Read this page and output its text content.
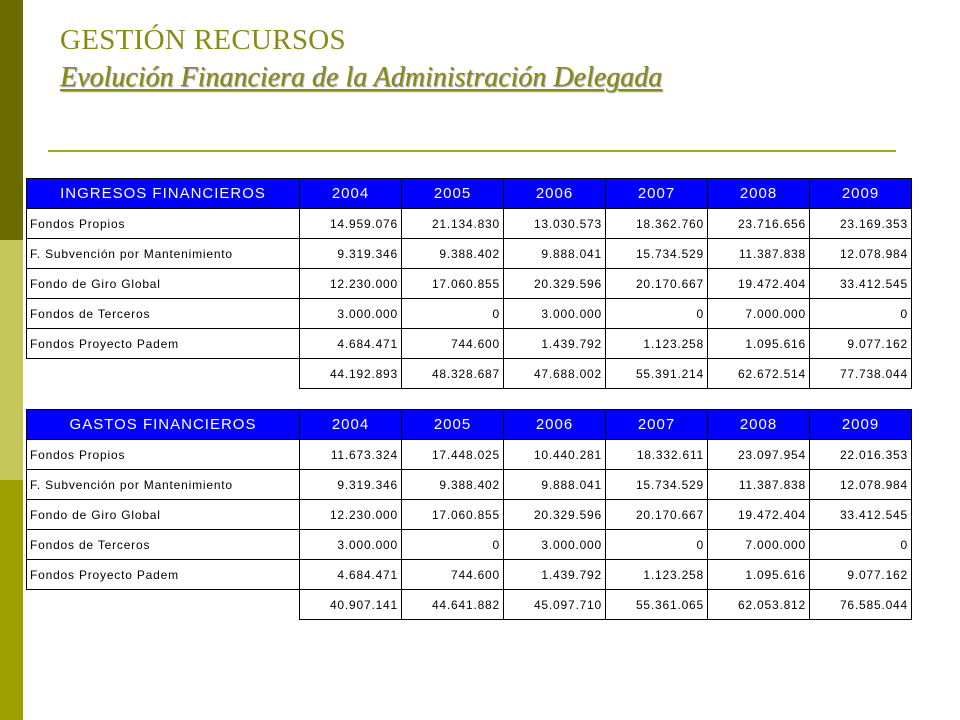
GESTIÓN RECURSOS
Evolución Financiera de la Administración Delegada
INGRESOS FINANCIEROS	2004	2005	2006	2007	2008	2009
Fondos Propios	14.959.076	21.134.830	13.030.573	18.362.760	23.716.656	23.169.353
F. Subvención por Mantenimiento	9.319.346	9.388.402	9.888.041	15.734.529	11.387.838	12.078.984
Fondo de Giro Global	12.230.000	17.060.855	20.329.596	20.170.667	19.472.404	33.412.545
Fondos de Terceros	3.000.000	0	3.000.000	0	7.000.000	0
Fondos Proyecto Padem	4.684.471	744.600	1.439.792	1.123.258	1.095.616	9.077.162
	44.192.893	48.328.687	47.688.002	55.391.214	62.672.514	77.738.044
GASTOS FINANCIEROS	2004	2005	2006	2007	2008	2009
Fondos Propios	11.673.324	17.448.025	10.440.281	18.332.611	23.097.954	22.016.353
F. Subvención por Mantenimiento	9.319.346	9.388.402	9.888.041	15.734.529	11.387.838	12.078.984
Fondo de Giro Global	12.230.000	17.060.855	20.329.596	20.170.667	19.472.404	33.412.545
Fondos de Terceros	3.000.000	0	3.000.000	0	7.000.000	0
Fondos Proyecto Padem	4.684.471	744.600	1.439.792	1.123.258	1.095.616	9.077.162
	40.907.141	44.641.882	45.097.710	55.361.065	62.053.812	76.585.044
